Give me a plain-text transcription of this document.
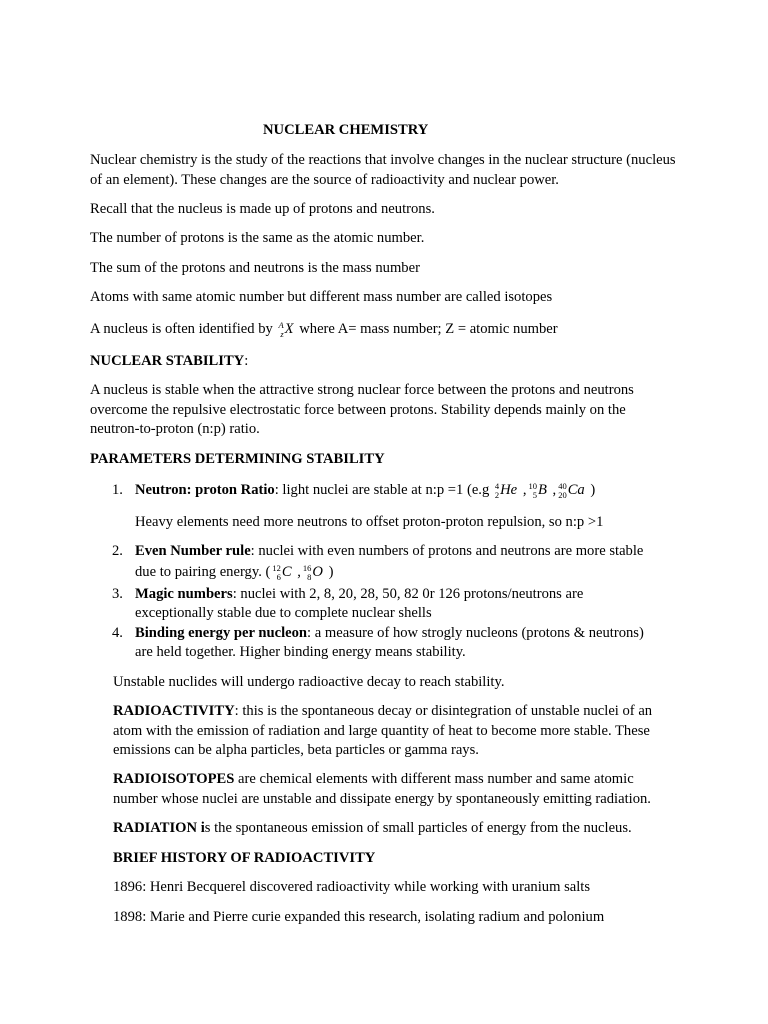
NUCLEAR CHEMISTRY
Nuclear chemistry is the study of the reactions that involve changes in the nuclear structure (nucleus of an element). These changes are the source of radioactivity and nuclear power.
Recall that the nucleus is made up of protons and neutrons.
The number of protons is the same as the atomic number.
The sum of the protons and neutrons is the mass number
Atoms with same atomic number but different mass number are called isotopes
A nucleus is often identified by A
z X where A= mass number; Z = atomic number
NUCLEAR STABILITY:
A nucleus is stable when the attractive strong nuclear force between the protons and neutrons overcome the repulsive electrostatic force between protons. Stability depends mainly on the neutron-to-proton (n:p) ratio.
PARAMETERS DETERMINING STABILITY
1. Neutron: proton Ratio: light nuclei are stable at n:p =1 (e.g 4
2 He , 10
5 B , 40
20 Ca )
Heavy elements need more neutrons to offset proton-proton repulsion, so n:p >1
2. Even Number rule: nuclei with even numbers of protons and neutrons are more stable
due to pairing energy. ( 12
6 C , 16
8 O )
3. Magic numbers: nuclei with 2, 8, 20, 28, 50, 82 0r 126 protons/neutrons are
exceptionally stable due to complete nuclear shells
4. Binding energy per nucleon: a measure of how strogly nucleons (protons & neutrons)
are held together. Higher binding energy means stability.
Unstable nuclides will undergo radioactive decay to reach stability.
RADIOACTIVITY: this is the spontaneous decay or disintegration of unstable nuclei of an atom with the emission of radiation and large quantity of heat to become more stable. These emissions can be alpha particles, beta particles or gamma rays.
RADIOISOTOPES are chemical elements with different mass number and same atomic number whose nuclei are unstable and dissipate energy by spontaneously emitting radiation.
RADIATION is the spontaneous emission of small particles of energy from the nucleus.
BRIEF HISTORY OF RADIOACTIVITY
1896: Henri Becquerel discovered radioactivity while working with uranium salts
1898: Marie and Pierre curie expanded this research, isolating radium and polonium
